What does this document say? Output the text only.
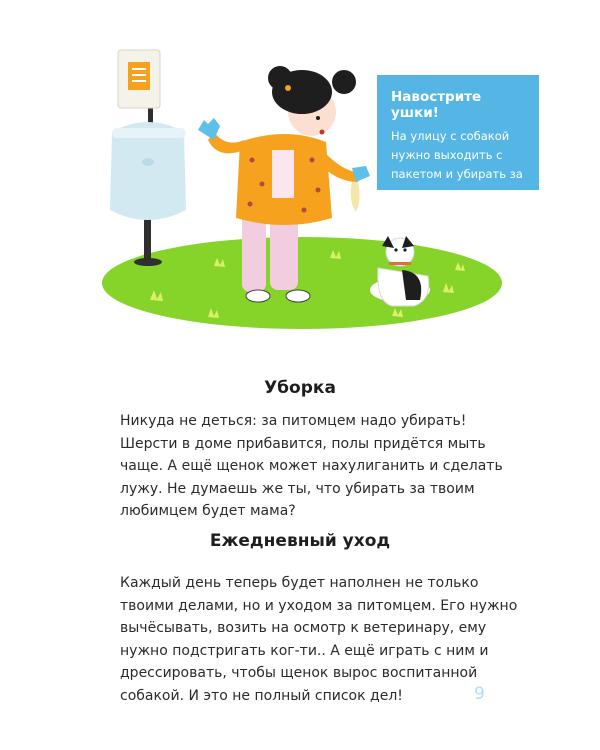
Навострите ушки!
На улицу с собакой нужно выходить с пакетом и убирать за своим питомцем.
Уборка

Никуда не деться: за питомцем надо убирать! Шерсти в доме прибавится, полы придётся мыть чаще. А ещё щенок может нахулиганить и сделать лужу. Не думаешь же ты, что убирать за твоим любимцем будет мама?

Ежедневный уход

Каждый день теперь будет наполнен не только твоими делами, но и уходом за питомцем. Его нужно вычёсывать, возить на осмотр к ветеринару, ему нужно подстригать ког-ти.. А ещё играть с ним и дрессировать, чтобы щенок вырос воспитанной собакой. И это не полный список дел!	9
